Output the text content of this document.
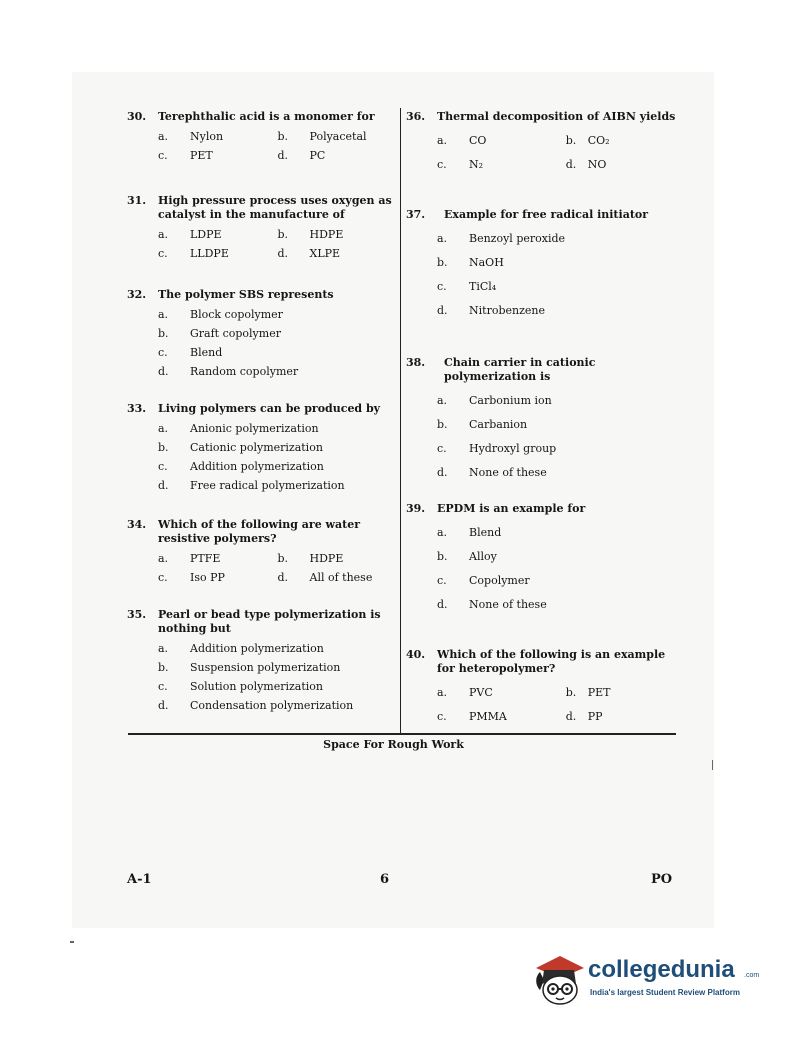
30.	Terephthalic acid is a monomer for
a.	Nylon	b.	Polyacetal
c.	PET	d.	PC
31.	High pressure process uses oxygen as catalyst in the manufacture of
a.	LDPE	b.	HDPE
c.	LLDPE	d.	XLPE
32.	The polymer SBS represents
a.	Block copolymer
b.	Graft copolymer
c.	Blend
d.	Random copolymer
33.	Living polymers can be produced by
a.	Anionic polymerization
b.	Cationic polymerization
c.	Addition polymerization
d.	Free radical polymerization
34.	Which of the following are water resistive polymers?
a.	PTFE	b.	HDPE
c.	Iso PP	d.	All of these
35.	Pearl or bead type polymerization is nothing but
a.	Addition polymerization
b.	Suspension polymerization
c.	Solution polymerization
d.	Condensation polymerization
36.	Thermal decomposition of AIBN yields
a.	CO	b.	CO₂
c.	N₂	d.	NO
37.	Example for free radical initiator
a.	Benzoyl peroxide
b.	NaOH
c.	TiCl₄
d.	Nitrobenzene
38.	Chain carrier in cationic polymerization is
a.	Carbonium ion
b.	Carbanion
c.	Hydroxyl group
d.	None of these
39.	EPDM is an example for
a.	Blend
b.	Alloy
c.	Copolymer
d.	None of these
40.	Which of the following is an example for heteropolymer?
a.	PVC	b.	PET
c.	PMMA	d.	PP
Space For Rough Work
A-1	6	PO
collegedunia .com
India's largest Student Review Platform
